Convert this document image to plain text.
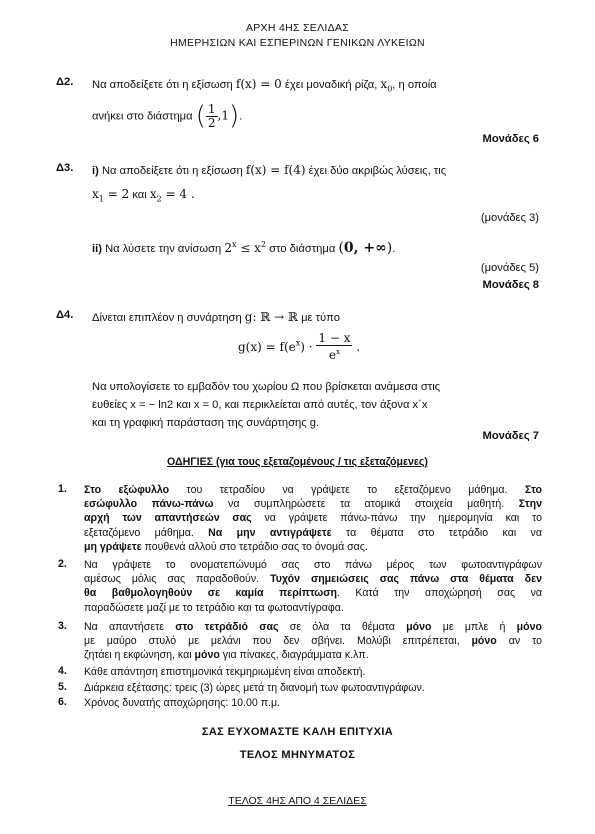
ΑΡΧΗ 4ΗΣ ΣΕΛΙΔΑΣ
ΗΜΕΡΗΣΙΩΝ ΚΑΙ ΕΣΠΕΡΙΝΩΝ ΓΕΝΙΚΩΝ ΛΥΚΕΙΩΝ
Δ2. Να αποδείξετε ότι η εξίσωση f(x) = 0 έχει μοναδική ρίζα, $x_0$, η οποία
ανήκει στο διάστημα ( $\frac{1}{2} ,1$).
Μονάδες 6
Δ3. i) Να αποδείξετε ότι η εξίσωση f(x) = f(4) έχει δύο ακριβώς λύσεις, τις
$x_1 = 2$ και $x_2 = 4$ .
(μονάδες 3)
ii) Να λύσετε την ανίσωση $2^x \le x^2$ στο διάστημα (0, +∞).
(μονάδες 5)
Μονάδες 8
Δ4. Δίνεται επιπλέον η συνάρτηση g: ℝ → ℝ με τύπο
$g(x) = f(e^x) \cdot \frac{1 - x}{e^x}$ .
Να υπολογίσετε το εμβαδόν του χωρίου Ω που βρίσκεται ανάμεσα στις
ευθείες x = − ln2 και x = 0, και περικλείεται από αυτές, τον άξονα x΄x
και τη γραφική παράσταση της συνάρτησης g.
Μονάδες 7
ΟΔΗΓΙΕΣ (για τους εξεταζομένους / τις εξεταζόμενες)
1. Στο εξώφυλλο του τετραδίου να γράψετε το εξεταζόμενο μάθημα. Στο
εσώφυλλο πάνω-πάνω να συμπληρώσετε τα ατομικά στοιχεία μαθητή. Στην
αρχή των απαντήσεών σας να γράψετε πάνω-πάνω την ημερομηνία και το
εξεταζόμενο μάθημα. Να μην αντιγράψετε τα θέματα στο τετράδιο και να
μη γράψετε πουθενά αλλού στο τετράδιο σας το όνομά σας.
2. Να γράψετε το ονοματεπώνυμό σας στο πάνω μέρος των φωτοαντιγράφων
αμέσως μόλις σας παραδοθούν. Τυχόν σημειώσεις σας πάνω στα θέματα δεν
θα βαθμολογηθούν σε καμία περίπτωση. Κατά την αποχώρησή σας να
παραδώσετε μαζί με το τετράδιο και τα φωτοαντίγραφα.
3. Να απαντήσετε στο τετράδιό σας σε όλα τα θέματα μόνο με μπλε ή μόνο
με μαύρο στυλό με μελάνι που δεν σβήνει. Μολύβι επιτρέπεται, μόνο αν το
ζητάει η εκφώνηση, και μόνο για πίνακες, διαγράμματα κ.λπ.
4. Κάθε απάντηση επιστημονικά τεκμηριωμένη είναι αποδεκτή.
5. Διάρκεια εξέτασης: τρεις (3) ώρες μετά τη διανομή των φωτοαντιγράφων.
6. Χρόνος δυνατής αποχώρησης: 10.00 π.μ.
ΣΑΣ ΕΥΧΟΜΑΣΤΕ ΚΑΛΗ ΕΠΙΤΥΧΙΑ
ΤΕΛΟΣ ΜΗΝΥΜΑΤΟΣ
ΤΕΛΟΣ 4ΗΣ ΑΠΟ 4 ΣΕΛΙΔΕΣ
